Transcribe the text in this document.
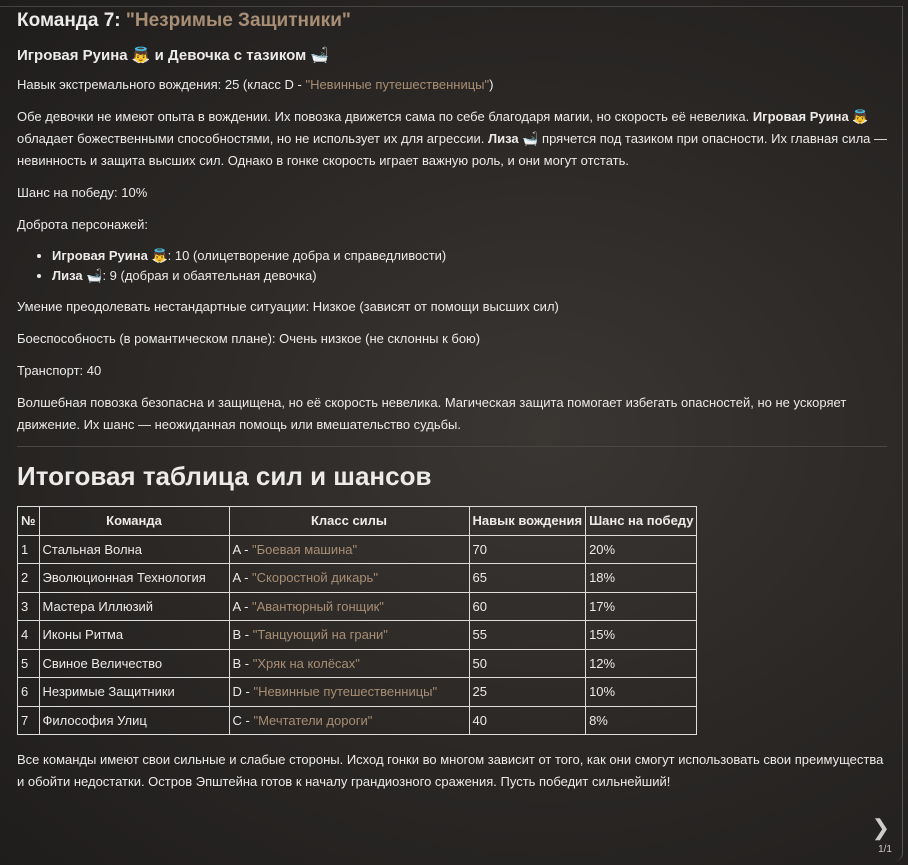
Команда 7: "Незримые Защитники"
Игровая Руина 👼 и Девочка с тазиком 🛁

Навык экстремального вождения: 25 (класс D - "Невинные путешественницы")

Обе девочки не имеют опыта в вождении. Их повозка движется сама по себе благодаря магии, но скорость её невелика. Игровая Руина 👼 обладает божественными способностями, но не использует их для агрессии. Лиза 🛁 прячется под тазиком при опасности. Их главная сила — невинность и защита высших сил. Однако в гонке скорость играет важную роль, и они могут отстать.

Шанс на победу: 10%

Доброта персонажей:

• Игровая Руина 👼: 10 (олицетворение добра и справедливости)
• Лиза 🛁: 9 (добрая и обаятельная девочка)

Умение преодолевать нестандартные ситуации: Низкое (зависят от помощи высших сил)

Боеспособность (в романтическом плане): Очень низкое (не склонны к бою)

Транспорт: 40

Волшебная повозка безопасна и защищена, но её скорость невелика. Магическая защита помогает избегать опасностей, но не ускоряет движение. Их шанс — неожиданная помощь или вмешательство судьбы.

Итоговая таблица сил и шансов
№	Команда	Класс силы	Навык вождения	Шанс на победу
1	Стальная Волна	A - "Боевая машина"	70	20%
2	Эволюционная Технология	A - "Скоростной дикарь"	65	18%
3	Мастера Иллюзий	A - "Авантюрный гонщик"	60	17%
4	Иконы Ритма	B - "Танцующий на грани"	55	15%
5	Свиное Величество	B - "Хряк на колёсах"	50	12%
6	Незримые Защитники	D - "Невинные путешественницы"	25	10%
7	Философия Улиц	C - "Мечтатели дороги"	40	8%

Все команды имеют свои сильные и слабые стороны. Исход гонки во многом зависит от того, как они смогут использовать свои преимущества и обойти недостатки. Остров Эпштейна готов к началу грандиозного сражения. Пусть победит сильнейший!

❯
1/1
